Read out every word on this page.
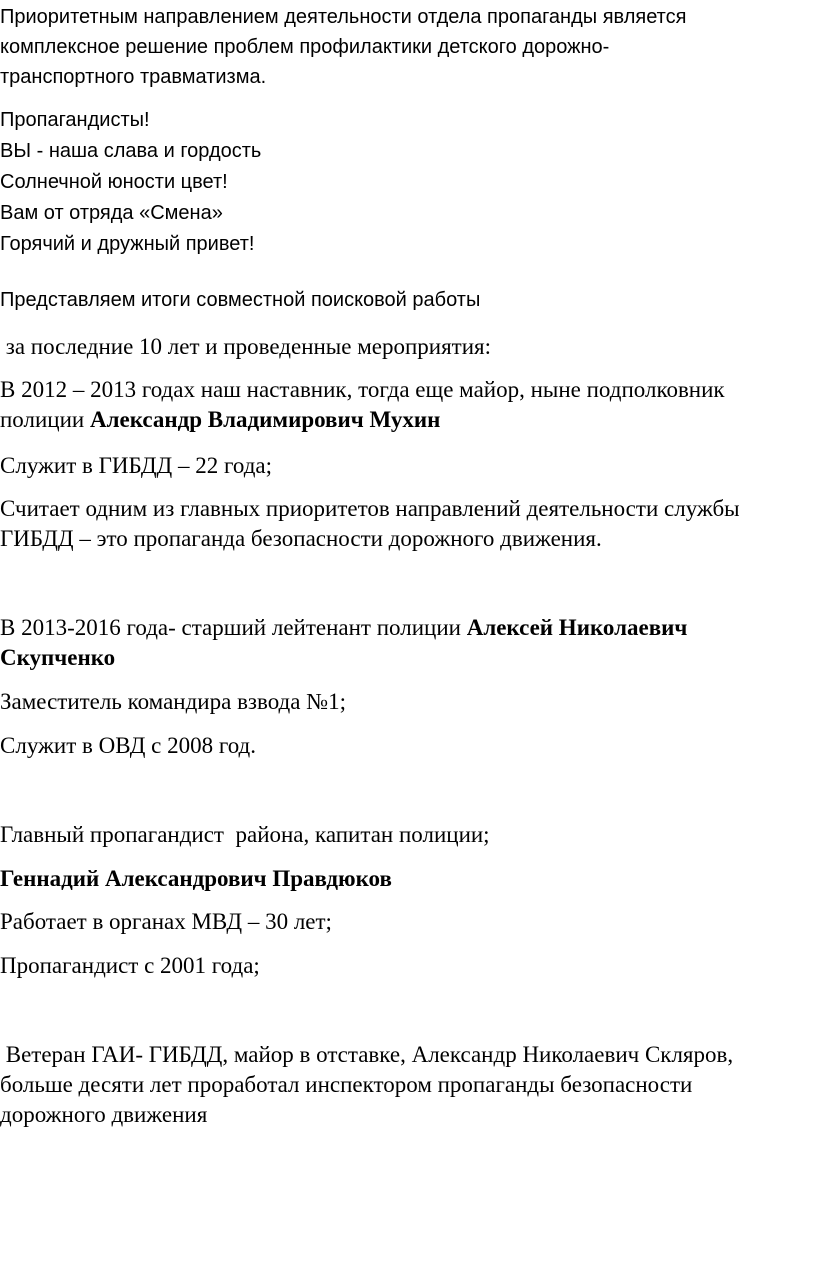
Приоритетным направлением деятельности отдела пропаганды является
комплексное решение проблем профилактики детского дорожно-
транспортного травматизма.
Пропагандисты!
ВЫ - наша слава и гордость
Солнечной юности цвет!
Вам от отряда «Смена»
Горячий и дружный привет!
Представляем итоги совместной поисковой работы
за последние 10 лет и проведенные мероприятия:
В 2012 – 2013 годах наш наставник, тогда еще майор, ныне подполковник
полиции Александр Владимирович Мухин
Служит в ГИБДД – 22 года;
Считает одним из главных приоритетов направлений деятельности службы
ГИБДД – это пропаганда безопасности дорожного движения.
В 2013-2016 года- старший лейтенант полиции Алексей Николаевич
Скупченко
Заместитель командира взвода №1;
Служит в ОВД с 2008 год.
Главный пропагандист  района, капитан полиции;
Геннадий Александрович Правдюков
Работает в органах МВД – 30 лет;
Пропагандист с 2001 года;
Ветеран ГАИ- ГИБДД, майор в отставке, Александр Николаевич Скляров,
больше десяти лет проработал инспектором пропаганды безопасности
дорожного движения
